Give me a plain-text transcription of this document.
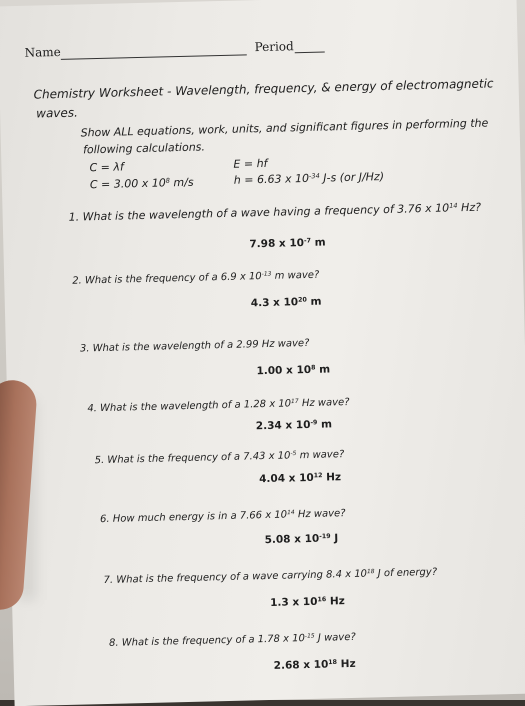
Name	Period
Chemistry Worksheet - Wavelength, frequency, & energy of electromagnetic
waves.
Show ALL equations, work, units, and significant figures in performing the
following calculations.
C = λf
C = 3.00 x $10^8$ m/s
E = hf
h = 6.63 x $10^{-34}$ J-s (or J/Hz)
1. What is the wavelength of a wave having a frequency of 3.76 x $10^{14}$ Hz?
7.98 x $10^{-7}$ m
2. What is the frequency of a 6.9 x $10^{-13}$ m wave?
4.3 x $10^{20}$ m
3. What is the wavelength of a 2.99 Hz wave?
1.00 x $10^8$ m
4. What is the wavelength of a 1.28 x $10^{17}$ Hz wave?
2.34 x $10^{-9}$ m
5. What is the frequency of a 7.43 x $10^{-5}$ m wave?
4.04 x $10^{12}$ Hz
6. How much energy is in a 7.66 x $10^{14}$ Hz wave?
5.08 x $10^{-19}$ J
7. What is the frequency of a wave carrying 8.4 x $10^{18}$ J of energy?
1.3 x $10^{16}$ Hz
8. What is the frequency of a 1.78 x $10^{-15}$ J wave?
2.68 x $10^{18}$ Hz
